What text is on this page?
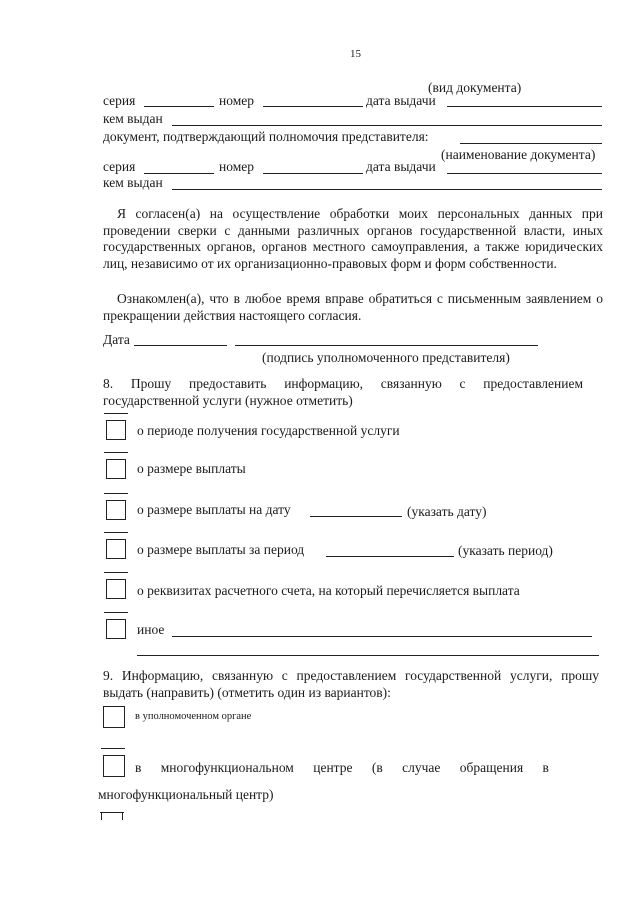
15
(вид документа)
серия	номер	дата выдачи
кем выдан
документ, подтверждающий полномочия представителя:
(наименование документа)
серия	номер	дата выдачи
кем выдан
Я согласен(а) на осуществление обработки моих персональных данных при проведении сверки с данными различных органов государственной власти, иных государственных органов, органов местного самоуправления, а также юридических лиц, независимо от их организационно-правовых форм и форм собственности.
Ознакомлен(а), что в любое время вправе обратиться с письменным заявлением о прекращении действия настоящего согласия.
Дата
(подпись уполномоченного представителя)
8. Прошу предоставить информацию, связанную с предоставлением государственной услуги (нужное отметить)
о периоде получения государственной услуги
о размере выплаты
о размере выплаты на дату	(указать дату)
о размере выплаты за период	(указать период)
о реквизитах расчетного счета, на который перечисляется выплата
иное
9. Информацию, связанную с предоставлением государственной услуги, прошу выдать (направить) (отметить один из вариантов):
в уполномоченном органе
в многофункциональном центре (в случае обращения в
многофункциональный центр)
